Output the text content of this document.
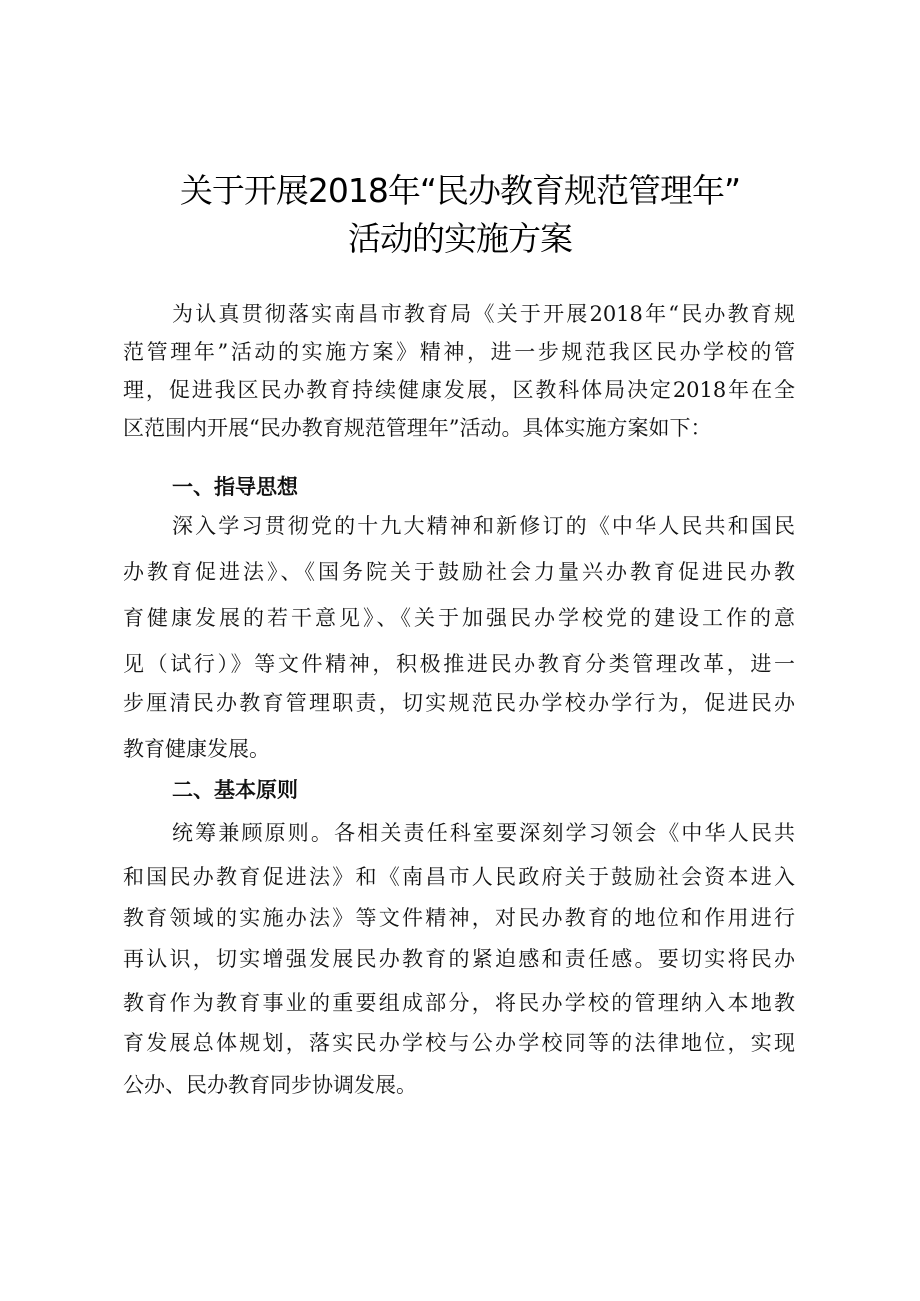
关于开展2018年“民办教育规范管理年”
活动的实施方案
为认真贯彻落实南昌市教育局《关于开展2018年“民办教育规
范管理年”活动的实施方案》精神，进一步规范我区民办学校的管
理，促进我区民办教育持续健康发展，区教科体局决定2018年在全
区范围内开展“民办教育规范管理年”活动。具体实施方案如下：
一、指导思想
深入学习贯彻党的十九大精神和新修订的《中华人民共和国民
办教育促进法》、《国务院关于鼓励社会力量兴办教育促进民办教
育健康发展的若干意见》、《关于加强民办学校党的建设工作的意
见（试行）》等文件精神，积极推进民办教育分类管理改革，进一
步厘清民办教育管理职责，切实规范民办学校办学行为，促进民办
教育健康发展。
二、基本原则
统筹兼顾原则。各相关责任科室要深刻学习领会《中华人民共
和国民办教育促进法》和《南昌市人民政府关于鼓励社会资本进入
教育领域的实施办法》等文件精神，对民办教育的地位和作用进行
再认识，切实增强发展民办教育的紧迫感和责任感。要切实将民办
教育作为教育事业的重要组成部分，将民办学校的管理纳入本地教
育发展总体规划，落实民办学校与公办学校同等的法律地位，实现
公办、民办教育同步协调发展。
